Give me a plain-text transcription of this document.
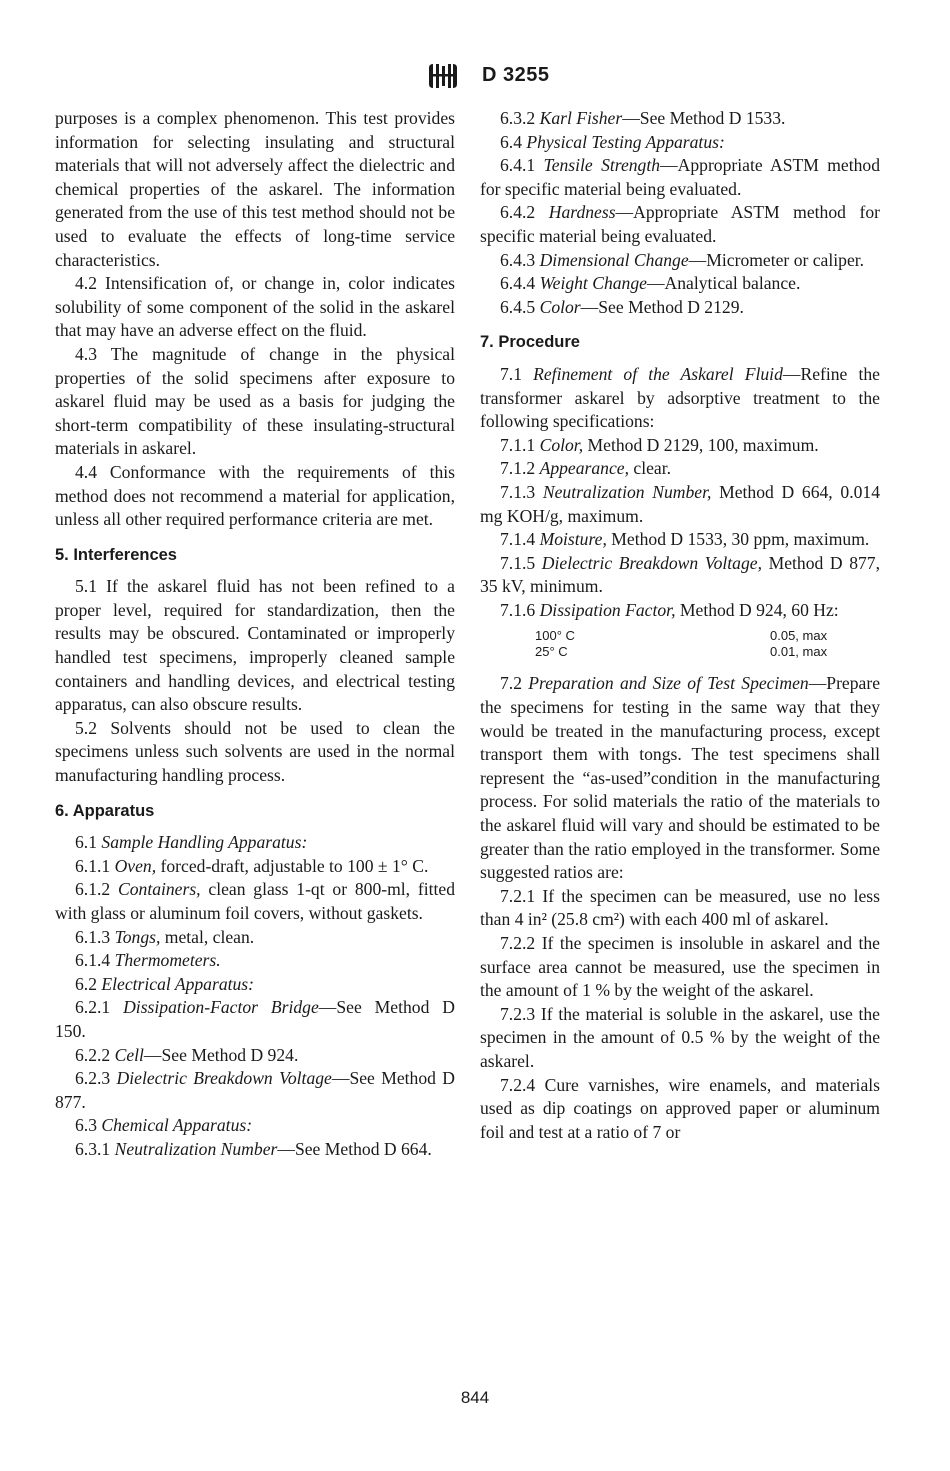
D 3255

purposes is a complex phenomenon. This test provides information for selecting insulating and structural materials that will not adversely affect the dielectric and chemical properties of the askarel. The information generated from the use of this test method should not be used to evaluate the effects of long-time service characteristics.

4.2 Intensification of, or change in, color indicates solubility of some component of the solid in the askarel that may have an adverse effect on the fluid.

4.3 The magnitude of change in the physical properties of the solid specimens after exposure to askarel fluid may be used as a basis for judging the short-term compatibility of these insulating-structural materials in askarel.

4.4 Conformance with the requirements of this method does not recommend a material for application, unless all other required performance criteria are met.

5. Interferences

5.1 If the askarel fluid has not been refined to a proper level, required for standardization, then the results may be obscured. Contaminated or improperly handled test specimens, improperly cleaned sample containers and handling devices, and electrical testing apparatus, can also obscure results.

5.2 Solvents should not be used to clean the specimens unless such solvents are used in the normal manufacturing handling process.

6. Apparatus

6.1 Sample Handling Apparatus:

6.1.1 Oven, forced-draft, adjustable to 100 ± 1° C.

6.1.2 Containers, clean glass 1-qt or 800-ml, fitted with glass or aluminum foil covers, without gaskets.

6.1.3 Tongs, metal, clean.

6.1.4 Thermometers.

6.2 Electrical Apparatus:

6.2.1 Dissipation-Factor Bridge—See Method D 150.

6.2.2 Cell—See Method D 924.

6.2.3 Dielectric Breakdown Voltage—See Method D 877.

6.3 Chemical Apparatus:

6.3.1 Neutralization Number—See Method D 664.

6.3.2 Karl Fisher—See Method D 1533.

6.4 Physical Testing Apparatus:

6.4.1 Tensile Strength—Appropriate ASTM method for specific material being evaluated.

6.4.2 Hardness—Appropriate ASTM method for specific material being evaluated.

6.4.3 Dimensional Change—Micrometer or caliper.

6.4.4 Weight Change—Analytical balance.

6.4.5 Color—See Method D 2129.

7. Procedure

7.1 Refinement of the Askarel Fluid—Refine the transformer askarel by adsorptive treatment to the following specifications:

7.1.1 Color, Method D 2129, 100, maximum.

7.1.2 Appearance, clear.

7.1.3 Neutralization Number, Method D 664, 0.014 mg KOH/g, maximum.

7.1.4 Moisture, Method D 1533, 30 ppm, maximum.

7.1.5 Dielectric Breakdown Voltage, Method D 877, 35 kV, minimum.

7.1.6 Dissipation Factor, Method D 924, 60 Hz:

100° C	0.05, max
25° C	0.01, max

7.2 Preparation and Size of Test Specimen—Prepare the specimens for testing in the same way that they would be treated in the manufacturing process, except transport them with tongs. The test specimens shall represent the “as-used”condition in the manufacturing process. For solid materials the ratio of the materials to the askarel fluid will vary and should be estimated to be greater than the ratio employed in the transformer. Some suggested ratios are:

7.2.1 If the specimen can be measured, use no less than 4 in² (25.8 cm²) with each 400 ml of askarel.

7.2.2 If the specimen is insoluble in askarel and the surface area cannot be measured, use the specimen in the amount of 1 % by the weight of the askarel.

7.2.3 If the material is soluble in the askarel, use the specimen in the amount of 0.5 % by the weight of the askarel.

7.2.4 Cure varnishes, wire enamels, and materials used as dip coatings on approved paper or aluminum foil and test at a ratio of 7 or

844
